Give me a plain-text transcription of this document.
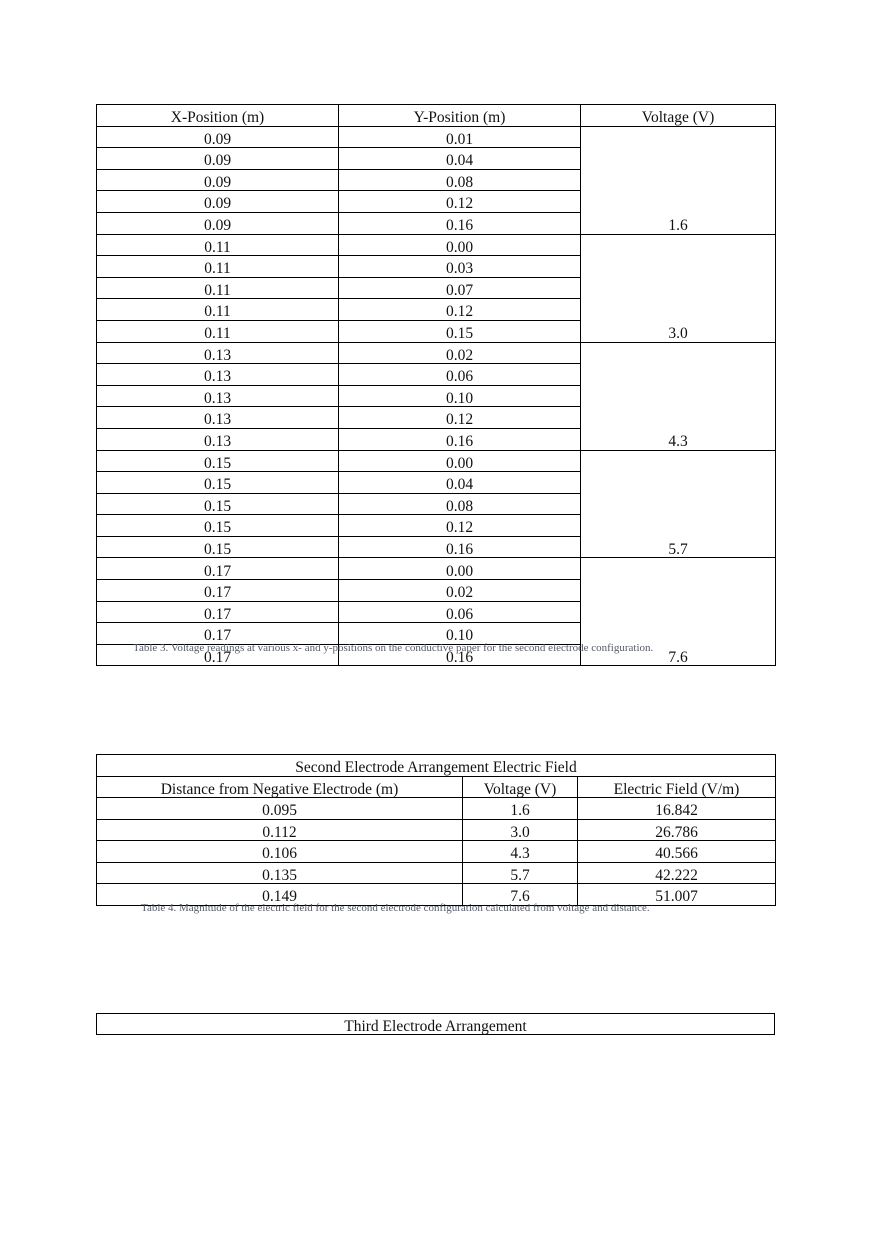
X-Position (m)	Y-Position (m)	Voltage (V)
0.09	0.01	1.6
0.09	0.04	
0.09	0.08	
0.09	0.12	
0.09	0.16	
0.11	0.00	3.0
0.11	0.03	
0.11	0.07	
0.11	0.12	
0.11	0.15	
0.13	0.02	4.3
0.13	0.06	
0.13	0.10	
0.13	0.12	
0.13	0.16	
0.15	0.00	5.7
0.15	0.04	
0.15	0.08	
0.15	0.12	
0.15	0.16	
0.17	0.00	7.6
0.17	0.02	
0.17	0.06	
0.17	0.10	
0.17	0.16	
Table 3. Voltage readings at various x- and y-positions on the conductive paper for the second electrode configuration.
Second Electrode Arrangement Electric Field		
Distance from Negative Electrode (m)	Voltage (V)	Electric Field (V/m)
0.095	1.6	16.842
0.112	3.0	26.786
0.106	4.3	40.566
0.135	5.7	42.222
0.149	7.6	51.007
Table 4. Magnitude of the electric field for the second electrode configuration calculated from voltage and distance.
Third Electrode Arrangement
